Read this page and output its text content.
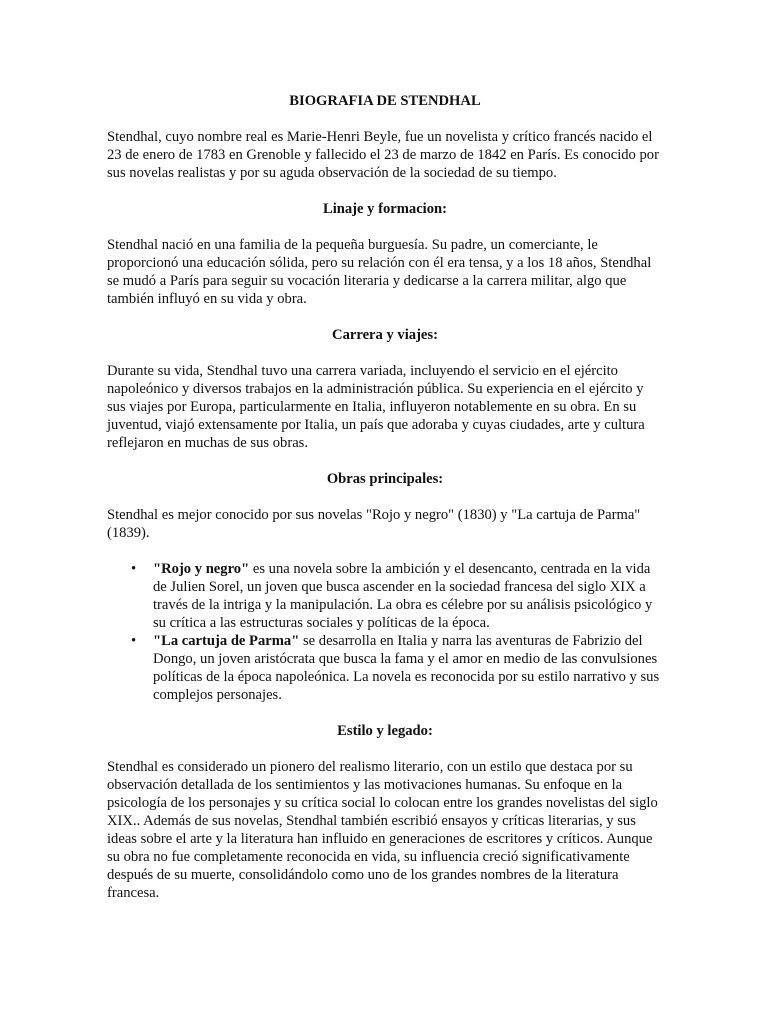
BIOGRAFIA DE STENDHAL

Stendhal, cuyo nombre real es Marie-Henri Beyle, fue un novelista y crítico francés nacido el 23 de enero de 1783 en Grenoble y fallecido el 23 de marzo de 1842 en París. Es conocido por sus novelas realistas y por su aguda observación de la sociedad de su tiempo.

Linaje y formacion:

Stendhal nació en una familia de la pequeña burguesía. Su padre, un comerciante, le proporcionó una educación sólida, pero su relación con él era tensa, y a los 18 años, Stendhal se mudó a París para seguir su vocación literaria y dedicarse a la carrera militar, algo que también influyó en su vida y obra.

Carrera y viajes:

Durante su vida, Stendhal tuvo una carrera variada, incluyendo el servicio en el ejército napoleónico y diversos trabajos en la administración pública. Su experiencia en el ejército y sus viajes por Europa, particularmente en Italia, influyeron notablemente en su obra. En su juventud, viajó extensamente por Italia, un país que adoraba y cuyas ciudades, arte y cultura reflejaron en muchas de sus obras.

Obras principales:

Stendhal es mejor conocido por sus novelas "Rojo y negro" (1830) y "La cartuja de Parma" (1839).

• "Rojo y negro" es una novela sobre la ambición y el desencanto, centrada en la vida de Julien Sorel, un joven que busca ascender en la sociedad francesa del siglo XIX a través de la intriga y la manipulación. La obra es célebre por su análisis psicológico y su crítica a las estructuras sociales y políticas de la época.
• "La cartuja de Parma" se desarrolla en Italia y narra las aventuras de Fabrizio del Dongo, un joven aristócrata que busca la fama y el amor en medio de las convulsiones políticas de la época napoleónica. La novela es reconocida por su estilo narrativo y sus complejos personajes.
Estilo y legado:

Stendhal es considerado un pionero del realismo literario, con un estilo que destaca por su observación detallada de los sentimientos y las motivaciones humanas. Su enfoque en la psicología de los personajes y su crítica social lo colocan entre los grandes novelistas del siglo XIX.. Además de sus novelas, Stendhal también escribió ensayos y críticas literarias, y sus ideas sobre el arte y la literatura han influido en generaciones de escritores y críticos. Aunque su obra no fue completamente reconocida en vida, su influencia creció significativamente después de su muerte, consolidándolo como uno de los grandes nombres de la literatura francesa.
